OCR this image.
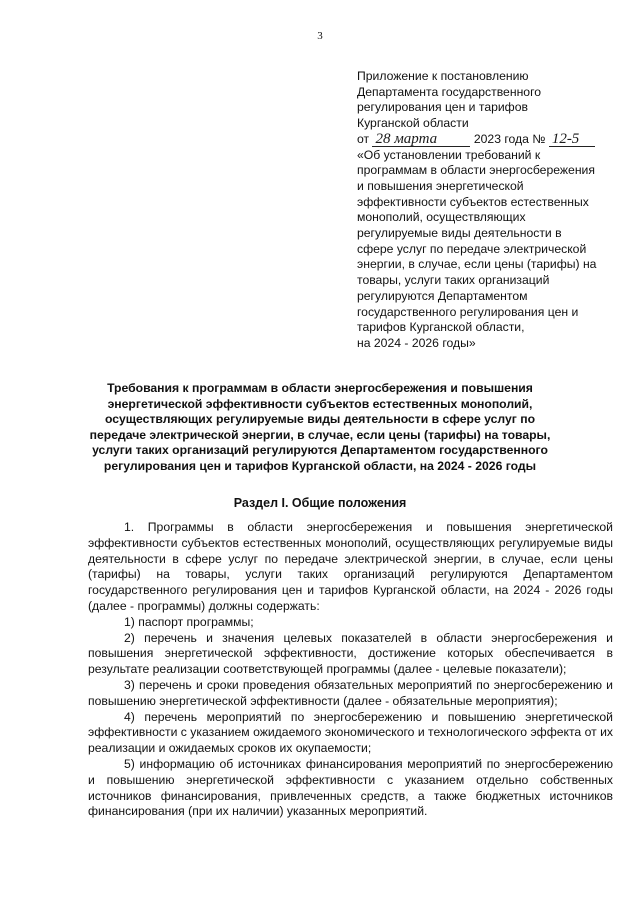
3
Приложение к постановлению
Департамента государственного
регулирования цен и тарифов
Курганской области
от 28 марта	2023 года № 12-5
«Об установлении требований к
программам в области энергосбережения
и повышения энергетической
эффективности субъектов естественных
монополий, осуществляющих
регулируемые виды деятельности в
сфере услуг по передаче электрической
энергии, в случае, если цены (тарифы) на
товары, услуги таких организаций
регулируются Департаментом
государственного регулирования цен и
тарифов Курганской области,
на 2024 - 2026 годы»
Требования к программам в области энергосбережения и повышения энергетической эффективности субъектов естественных монополий, осуществляющих регулируемые виды деятельности в сфере услуг по передаче электрической энергии, в случае, если цены (тарифы) на товары, услуги таких организаций регулируются Департаментом государственного регулирования цен и тарифов Курганской области, на 2024 - 2026 годы
Раздел I. Общие положения

1. Программы в области энергосбережения и повышения энергетической эффективности субъектов естественных монополий, осуществляющих регулируемые виды деятельности в сфере услуг по передаче электрической энергии, в случае, если цены (тарифы) на товары, услуги таких организаций регулируются Департаментом государственного регулирования цен и тарифов Курганской области, на 2024 - 2026 годы (далее - программы) должны содержать:

1) паспорт программы;

2) перечень и значения целевых показателей в области энергосбережения и повышения энергетической эффективности, достижение которых обеспечивается в результате реализации соответствующей программы (далее - целевые показатели);

3) перечень и сроки проведения обязательных мероприятий по энергосбережению и повышению энергетической эффективности (далее - обязательные мероприятия);

4) перечень мероприятий по энергосбережению и повышению энергетической эффективности с указанием ожидаемого экономического и технологического эффекта от их реализации и ожидаемых сроков их окупаемости;

5) информацию об источниках финансирования мероприятий по энергосбережению и повышению энергетической эффективности с указанием отдельно собственных источников финансирования, привлеченных средств, а также бюджетных источников финансирования (при их наличии) указанных мероприятий.
